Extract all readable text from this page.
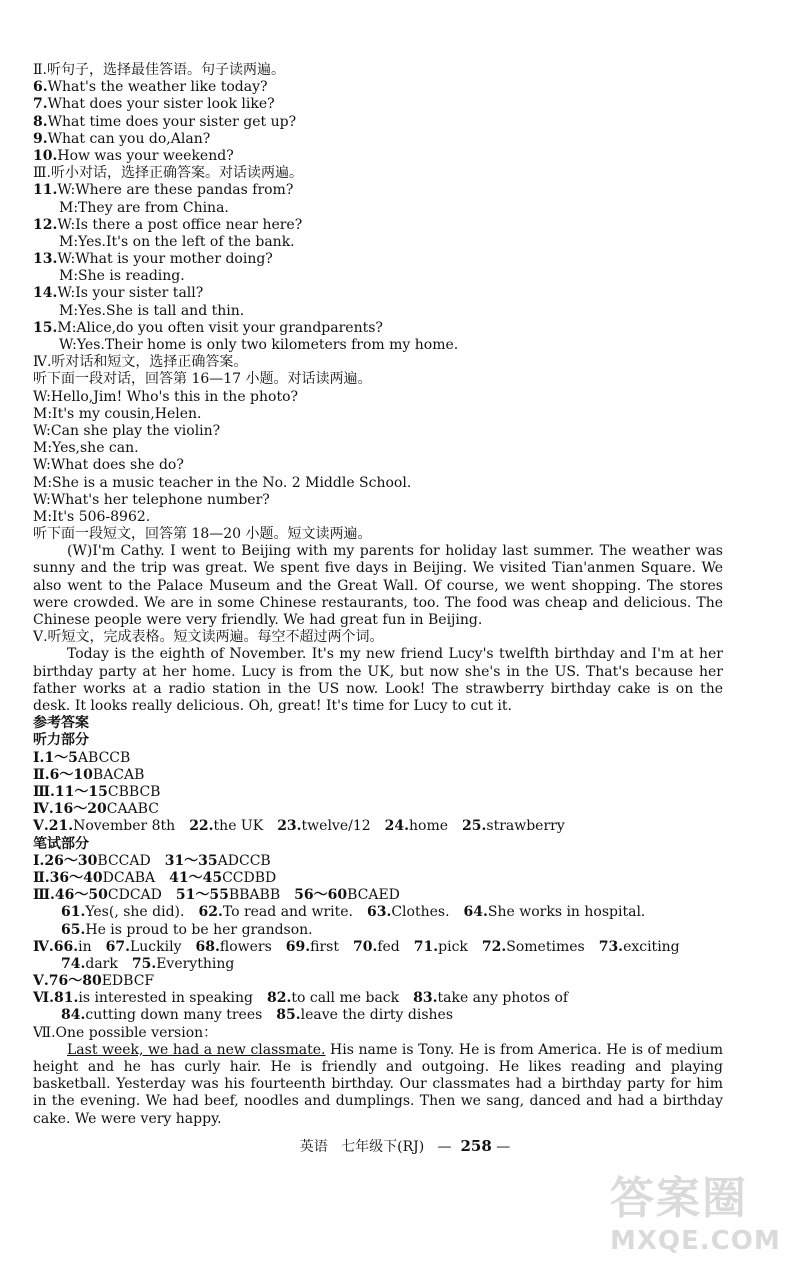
Ⅱ.听句子，选择最佳答语。句子读两遍。
6.What's the weather like today?
7.What does your sister look like?
8.What time does your sister get up?
9.What can you do,Alan?
10.How was your weekend?
Ⅲ.听小对话，选择正确答案。对话读两遍。
11.W:Where are these pandas from?
M:They are from China.
12.W:Is there a post office near here?
M:Yes.It's on the left of the bank.
13.W:What is your mother doing?
M:She is reading.
14.W:Is your sister tall?
M:Yes.She is tall and thin.
15.M:Alice,do you often visit your grandparents?
W:Yes.Their home is only two kilometers from my home.
Ⅳ.听对话和短文，选择正确答案。
听下面一段对话，回答第 16—17 小题。对话读两遍。
W:Hello,Jim! Who's this in the photo?
M:It's my cousin,Helen.
W:Can she play the violin?
M:Yes,she can.
W:What does she do?
M:She is a music teacher in the No. 2 Middle School.
W:What's her telephone number?
M:It's 506-8962.
听下面一段短文，回答第 18—20 小题。短文读两遍。
(W)I'm Cathy. I went to Beijing with my parents for holiday last summer. The weather was sunny and the trip was great. We spent five days in Beijing. We visited Tian'anmen Square. We also went to the Palace Museum and the Great Wall. Of course, we went shopping. The stores were crowded. We are in some Chinese restaurants, too. The food was cheap and delicious. The Chinese people were very friendly. We had great fun in Beijing.
Ⅴ.听短文，完成表格。短文读两遍。每空不超过两个词。
Today is the eighth of November. It's my new friend Lucy's twelfth birthday and I'm at her birthday party at her home. Lucy is from the UK, but now she's in the US. That's because her father works at a radio station in the US now. Look! The strawberry birthday cake is on the desk. It looks really delicious. Oh, great! It's time for Lucy to cut it.
参考答案
听力部分
Ⅰ.1～5ABCCB
Ⅱ.6～10BACAB
Ⅲ.11～15CBBCB
Ⅳ.16～20CAABC
Ⅴ.21.November 8th 22.the UK 23.twelve/12 24.home 25.strawberry
笔试部分
Ⅰ.26～30BCCAD 31～35ADCCB
Ⅱ.36～40DCABA 41～45CCDBD
Ⅲ.46～50CDCAD 51～55BBABB 56～60BCAED
61.Yes(, she did). 62.To read and write. 63.Clothes. 64.She works in hospital.
65.He is proud to be her grandson.
Ⅳ.66.in 67.Luckily 68.flowers 69.first 70.fed 71.pick 72.Sometimes 73.exciting
74.dark 75.Everything
Ⅴ.76～80EDBCF
Ⅵ.81.is interested in speaking 82.to call me back 83.take any photos of
84.cutting down many trees 85.leave the dirty dishes
Ⅶ.One possible version：
Last week, we had a new classmate. His name is Tony. He is from America. He is of medium height and he has curly hair. He is friendly and outgoing. He likes reading and playing basketball. Yesterday was his fourteenth birthday. Our classmates had a birthday party for him in the evening. We had beef, noodles and dumplings. Then we sang, danced and had a birthday cake. We were very happy.
英语 七年级下(RJ)   —  258 —
答案圈
MXQE.COM
